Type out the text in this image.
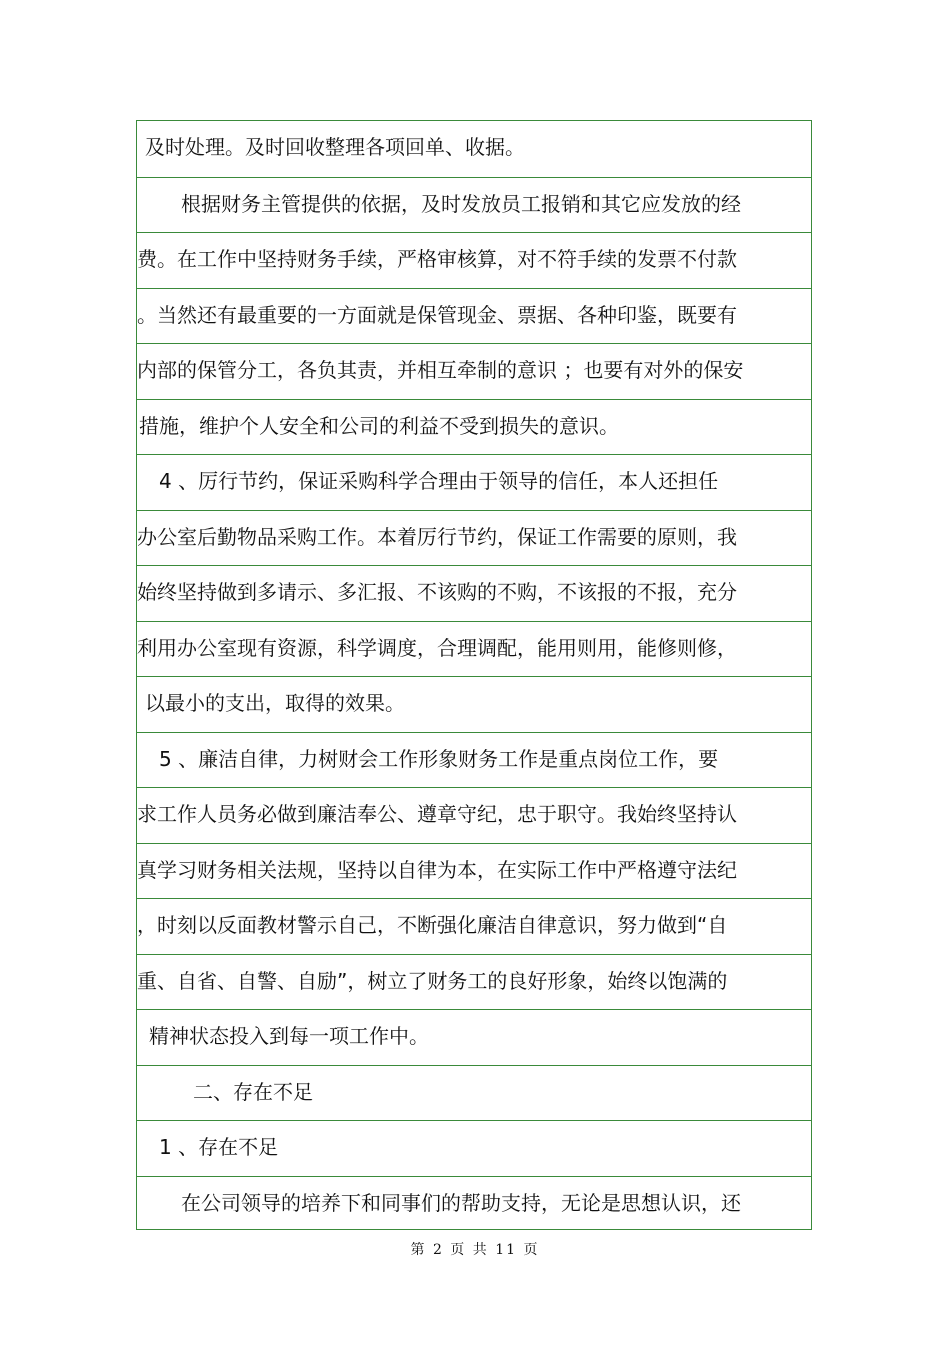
及时处理。及时回收整理各项回单、收据。
根据财务主管提供的依据，及时发放员工报销和其它应发放的经
费。在工作中坚持财务手续，严格审核算，对不符手续的发票不付款
。当然还有最重要的一方面就是保管现金、票据、各种印鉴，既要有
内部的保管分工，各负其责，并相互牵制的意识 ；也要有对外的保安
措施，维护个人安全和公司的利益不受到损失的意识。
4 、厉行节约，保证采购科学合理由于领导的信任，本人还担任
办公室后勤物品采购工作。本着厉行节约，保证工作需要的原则，我
始终坚持做到多请示、多汇报、不该购的不购，不该报的不报，充分
利用办公室现有资源，科学调度，合理调配，能用则用，能修则修，
以最小的支出，取得的效果。
5 、廉洁自律，力树财会工作形象财务工作是重点岗位工作，要
求工作人员务必做到廉洁奉公、遵章守纪，忠于职守。我始终坚持认
真学习财务相关法规，坚持以自律为本，在实际工作中严格遵守法纪
，时刻以反面教材警示自己，不断强化廉洁自律意识，努力做到“自
重、自省、自警、自励”，树立了财务工的良好形象，始终以饱满的
精神状态投入到每一项工作中。
二、存在不足
1 、存在不足
在公司领导的培养下和同事们的帮助支持，无论是思想认识，还
第 2 页 共 11 页
